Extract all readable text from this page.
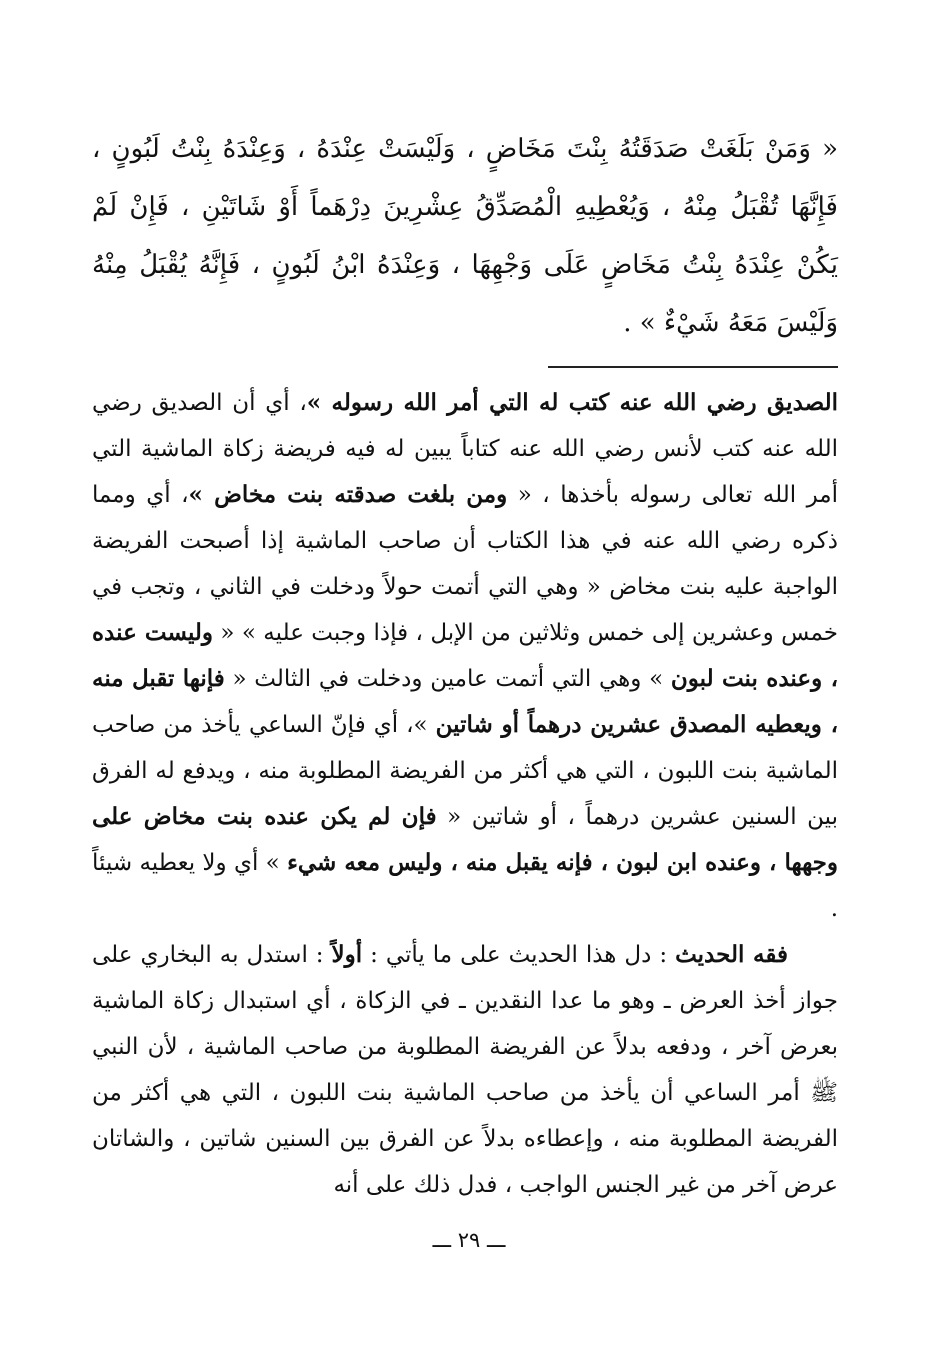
« وَمَنْ بَلَغَتْ صَدَقَتُهُ بِنْتَ مَخَاضٍ ، وَلَيْسَتْ عِنْدَهُ ، وَعِنْدَهُ بِنْتُ لَبُونٍ ، فَإِنَّهَا تُقْبَلُ مِنْهُ ، وَيُعْطِيهِ الْمُصَدِّقُ عِشْرِينَ دِرْهَماً أَوْ شَاتَيْنِ ، فَإِنْ لَمْ يَكُنْ عِنْدَهُ بِنْتُ مَخَاضٍ عَلَى وَجْهِهَا ، وَعِنْدَهُ ابْنُ لَبُونٍ ، فَإِنَّهُ يُقْبَلُ مِنْهُ وَلَيْسَ مَعَهُ شَيْءٌ » .

الصديق رضي الله عنه كتب له التي أمر الله رسوله »، أي أن الصديق رضي الله عنه كتب لأنس رضي الله عنه كتاباً يبين له فيه فريضة زكاة الماشية التي أمر الله تعالى رسوله بأخذها ، « ومن بلغت صدقته بنت مخاض »، أي ومما ذكره رضي الله عنه في هذا الكتاب أن صاحب الماشية إذا أصبحت الفريضة الواجبة عليه بنت مخاض « وهي التي أتمت حولاً ودخلت في الثاني ، وتجب في خمس وعشرين إلى خمس وثلاثين من الإبل ، فإذا وجبت عليه » « وليست عنده ، وعنده بنت لبون » وهي التي أتمت عامين ودخلت في الثالث « فإنها تقبل منه ، ويعطيه المصدق عشرين درهماً أو شاتين »، أي فإنّ الساعي يأخذ من صاحب الماشية بنت اللبون ، التي هي أكثر من الفريضة المطلوبة منه ، ويدفع له الفرق بين السنين عشرين درهماً ، أو شاتين « فإن لم يكن عنده بنت مخاض على وجهها ، وعنده ابن لبون ، فإنه يقبل منه ، وليس معه شيء » أي ولا يعطيه شيئاً .

فقه الحديث : دل هذا الحديث على ما يأتي : أولاً : استدل به البخاري على جواز أخذ العرض ـ وهو ما عدا النقدين ـ في الزكاة ، أي استبدال زكاة الماشية بعرض آخر ، ودفعه بدلاً عن الفريضة المطلوبة من صاحب الماشية ، لأن النبي ﷺ أمر الساعي أن يأخذ من صاحب الماشية بنت اللبون ، التي هي أكثر من الفريضة المطلوبة منه ، وإعطاءه بدلاً عن الفرق بين السنين شاتين ، والشاتان عرض آخر من غير الجنس الواجب ، فدل ذلك على أنه

ـــ ٢٩ ـــ
